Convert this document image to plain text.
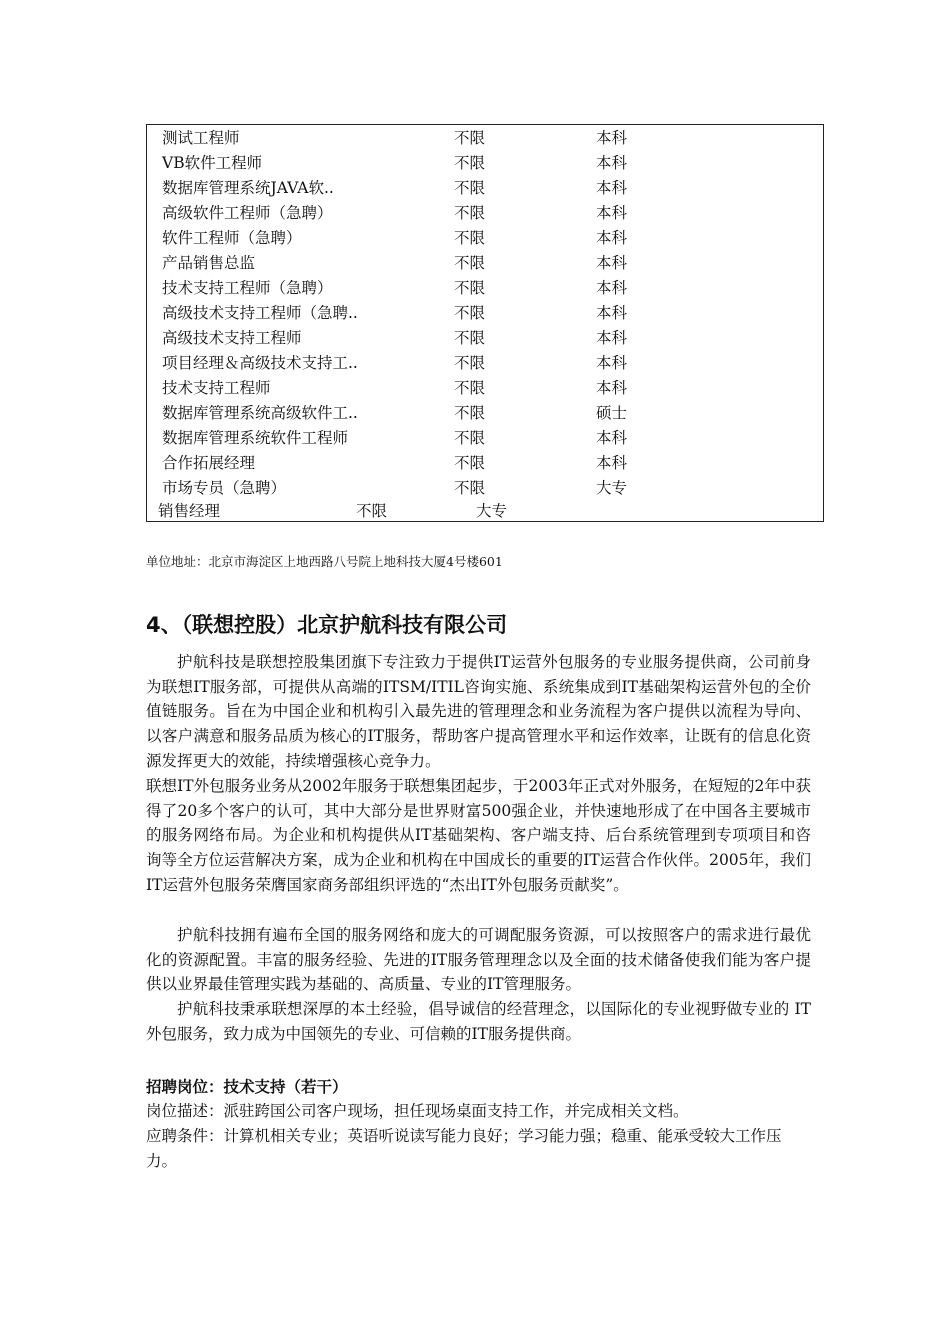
测试工程师	不限	本科
VB软件工程师	不限	本科
数据库管理系统JAVA软..	不限	本科
高级软件工程师（急聘）	不限	本科
软件工程师（急聘）	不限	本科
产品销售总监	不限	本科
技术支持工程师（急聘）	不限	本科
高级技术支持工程师（急聘..	不限	本科
高级技术支持工程师	不限	本科
项目经理＆高级技术支持工..	不限	本科
技术支持工程师	不限	本科
数据库管理系统高级软件工..	不限	硕士
数据库管理系统软件工程师	不限	本科
合作拓展经理	不限	本科
市场专员（急聘）	不限	大专
销售经理	不限	大专
单位地址：北京市海淀区上地西路八号院上地科技大厦4号楼601
4、（联想控股）北京护航科技有限公司
护航科技是联想控股集团旗下专注致力于提供IT运营外包服务的专业服务提供商，公司前身为联想IT服务部，可提供从高端的ITSM/ITIL咨询实施、系统集成到IT基础架构运营外包的全价值链服务。旨在为中国企业和机构引入最先进的管理理念和业务流程为客户提供以流程为导向、以客户满意和服务品质为核心的IT服务，帮助客户提高管理水平和运作效率，让既有的信息化资源发挥更大的效能，持续增强核心竞争力。
联想IT外包服务业务从2002年服务于联想集团起步，于2003年正式对外服务，在短短的2年中获得了20多个客户的认可，其中大部分是世界财富500强企业，并快速地形成了在中国各主要城市的服务网络布局。为企业和机构提供从IT基础架构、客户端支持、后台系统管理到专项项目和咨询等全方位运营解决方案，成为企业和机构在中国成长的重要的IT运营合作伙伴。2005年，我们IT运营外包服务荣膺国家商务部组织评选的“杰出IT外包服务贡献奖”。
护航科技拥有遍布全国的服务网络和庞大的可调配服务资源，可以按照客户的需求进行最优化的资源配置。丰富的服务经验、先进的IT服务管理理念以及全面的技术储备使我们能为客户提供以业界最佳管理实践为基础的、高质量、专业的IT管理服务。
护航科技秉承联想深厚的本土经验，倡导诚信的经营理念，以国际化的专业视野做专业的 IT外包服务，致力成为中国领先的专业、可信赖的IT服务提供商。
招聘岗位：技术支持（若干）
岗位描述：派驻跨国公司客户现场，担任现场桌面支持工作，并完成相关文档。
应聘条件：计算机相关专业；英语听说读写能力良好；学习能力强；稳重、能承受较大工作压力。
